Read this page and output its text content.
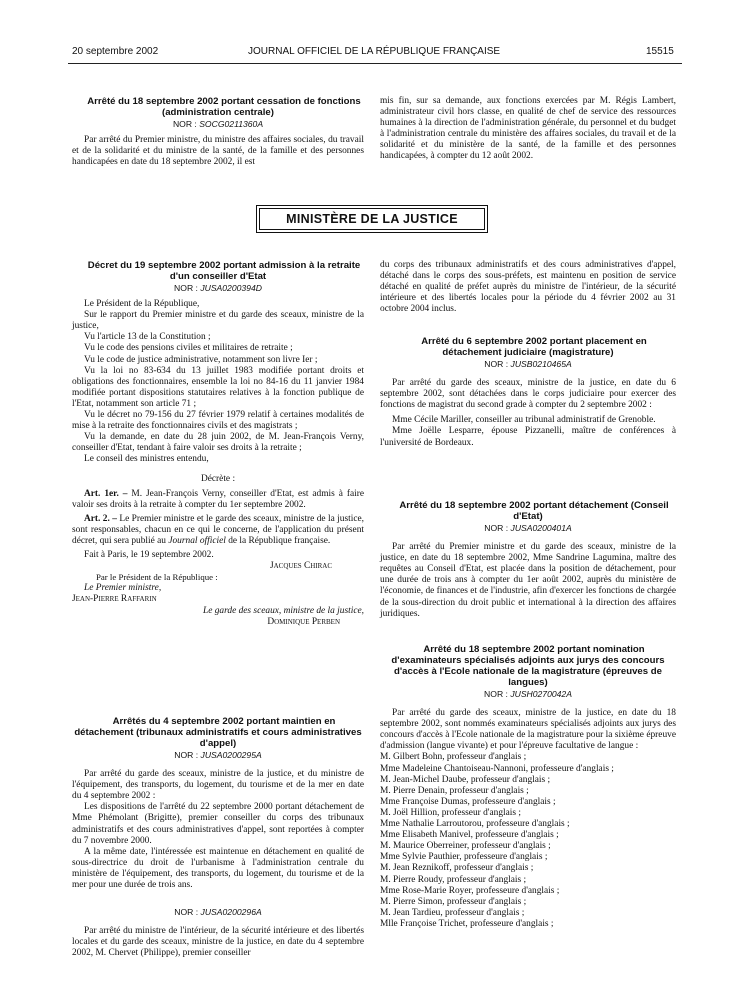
20 septembre 2002	JOURNAL OFFICIEL DE LA RÉPUBLIQUE FRANÇAISE	15515

Arrêté du 18 septembre 2002 portant cessation de fonctions (administration centrale)

NOR : SOCG0211360A

Par arrêté du Premier ministre, du ministre des affaires sociales, du travail et de la solidarité et du ministre de la santé, de la famille et des personnes handicapées en date du 18 septembre 2002, il est

mis fin, sur sa demande, aux fonctions exercées par M. Régis Lambert, administrateur civil hors classe, en qualité de chef de service des ressources humaines à la direction de l'administration générale, du personnel et du budget à l'administration centrale du ministère des affaires sociales, du travail et de la solidarité et du ministère de la santé, de la famille et des personnes handicapées, à compter du 12 août 2002.

MINISTÈRE DE LA JUSTICE

Décret du 19 septembre 2002 portant admission à la retraite d'un conseiller d'Etat

NOR : JUSA0200394D

Le Président de la République,

Sur le rapport du Premier ministre et du garde des sceaux, ministre de la justice,

Vu l'article 13 de la Constitution ;

Vu le code des pensions civiles et militaires de retraite ;

Vu le code de justice administrative, notamment son livre Ier ;

Vu la loi no 83-634 du 13 juillet 1983 modifiée portant droits et obligations des fonctionnaires, ensemble la loi no 84-16 du 11 janvier 1984 modifiée portant dispositions statutaires relatives à la fonction publique de l'Etat, notamment son article 71 ;

Vu le décret no 79-156 du 27 février 1979 relatif à certaines modalités de mise à la retraite des fonctionnaires civils et des magistrats ;

Vu la demande, en date du 28 juin 2002, de M. Jean-François Verny, conseiller d'Etat, tendant à faire valoir ses droits à la retraite ;

Le conseil des ministres entendu,

Décrète :

Art. 1er. – M. Jean-François Verny, conseiller d'Etat, est admis à faire valoir ses droits à la retraite à compter du 1er septembre 2002.

Art. 2. – Le Premier ministre et le garde des sceaux, ministre de la justice, sont responsables, chacun en ce qui le concerne, de l'application du présent décret, qui sera publié au Journal officiel de la République française.

Fait à Paris, le 19 septembre 2002.

Jacques Chirac

Par le Président de la République :

Le Premier ministre,

Jean-Pierre Raffarin

Le garde des sceaux, ministre de la justice,

Dominique Perben

Arrêtés du 4 septembre 2002 portant maintien en détachement (tribunaux administratifs et cours administratives d'appel)

NOR : JUSA0200295A

Par arrêté du garde des sceaux, ministre de la justice, et du ministre de l'équipement, des transports, du logement, du tourisme et de la mer en date du 4 septembre 2002 :

Les dispositions de l'arrêté du 22 septembre 2000 portant détachement de Mme Phémolant (Brigitte), premier conseiller du corps des tribunaux administratifs et des cours administratives d'appel, sont reportées à compter du 7 novembre 2000.

A la même date, l'intéressée est maintenue en détachement en qualité de sous-directrice du droit de l'urbanisme à l'administration centrale du ministère de l'équipement, des transports, du logement, du tourisme et de la mer pour une durée de trois ans.

NOR : JUSA0200296A

Par arrêté du ministre de l'intérieur, de la sécurité intérieure et des libertés locales et du garde des sceaux, ministre de la justice, en date du 4 septembre 2002, M. Chervet (Philippe), premier conseiller

du corps des tribunaux administratifs et des cours administratives d'appel, détaché dans le corps des sous-préfets, est maintenu en position de service détaché en qualité de préfet auprès du ministre de l'intérieur, de la sécurité intérieure et des libertés locales pour la période du 4 février 2002 au 31 octobre 2004 inclus.

Arrêté du 6 septembre 2002 portant placement en détachement judiciaire (magistrature)

NOR : JUSB0210465A

Par arrêté du garde des sceaux, ministre de la justice, en date du 6 septembre 2002, sont détachées dans le corps judiciaire pour exercer des fonctions de magistrat du second grade à compter du 2 septembre 2002 :

Mme Cécile Mariller, conseiller au tribunal administratif de Grenoble.

Mme Joëlle Lesparre, épouse Pizzanelli, maître de conférences à l'université de Bordeaux.

Arrêté du 18 septembre 2002 portant détachement (Conseil d'Etat)

NOR : JUSA0200401A

Par arrêté du Premier ministre et du garde des sceaux, ministre de la justice, en date du 18 septembre 2002, Mme Sandrine Lagumina, maître des requêtes au Conseil d'Etat, est placée dans la position de détachement, pour une durée de trois ans à compter du 1er août 2002, auprès du ministère de l'économie, de finances et de l'industrie, afin d'exercer les fonctions de chargée de la sous-direction du droit public et international à la direction des affaires juridiques.

Arrêté du 18 septembre 2002 portant nomination d'examinateurs spécialisés adjoints aux jurys des concours d'accès à l'Ecole nationale de la magistrature (épreuves de langues)

NOR : JUSH0270042A

Par arrêté du garde des sceaux, ministre de la justice, en date du 18 septembre 2002, sont nommés examinateurs spécialisés adjoints aux jurys des concours d'accès à l'Ecole nationale de la magistrature pour la sixième épreuve d'admission (langue vivante) et pour l'épreuve facultative de langue :

M. Gilbert Bohn, professeur d'anglais ;

Mme Madeleine Chantoiseau-Nannoni, professeure d'anglais ;

M. Jean-Michel Daube, professeur d'anglais ;

M. Pierre Denain, professeur d'anglais ;

Mme Françoise Dumas, professeure d'anglais ;

M. Joël Hillion, professeur d'anglais ;

Mme Nathalie Larroutorou, professeure d'anglais ;

Mme Elisabeth Manivel, professeure d'anglais ;

M. Maurice Oberreiner, professeur d'anglais ;

Mme Sylvie Pauthier, professeure d'anglais ;

M. Jean Reznikoff, professeur d'anglais ;

M. Pierre Roudy, professeur d'anglais ;

Mme Rose-Marie Royer, professeure d'anglais ;

M. Pierre Simon, professeur d'anglais ;

M. Jean Tardieu, professeur d'anglais ;

Mlle Françoise Trichet, professeure d'anglais ;
